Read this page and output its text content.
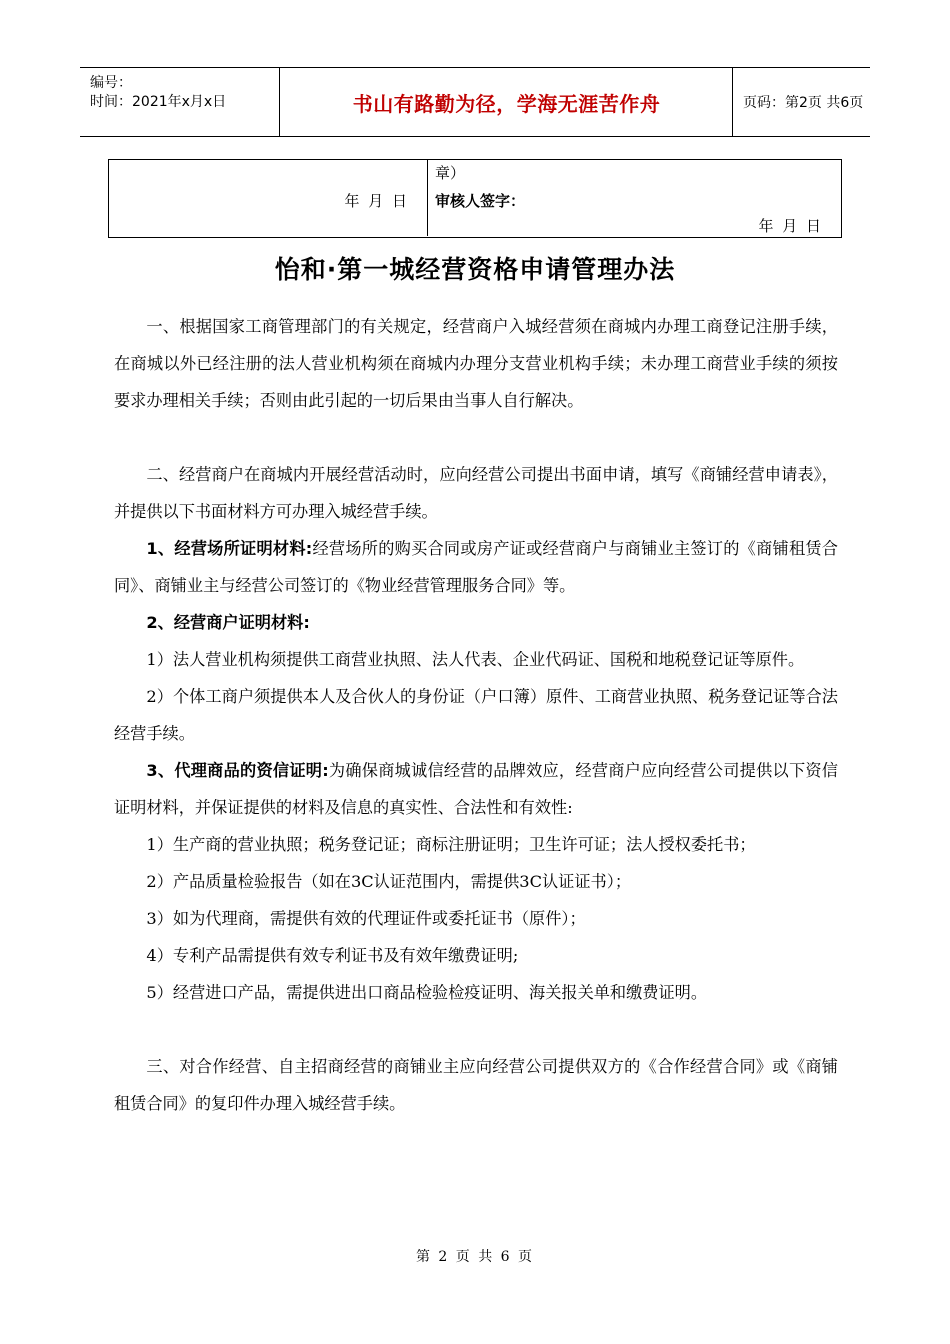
编号：
时间：2021年x月x日	书山有路勤为径，学海无涯苦作舟	页码：第2页 共6页
年 月 日
章）
审核人签字：
年 月 日
怡和·第一城经营资格申请管理办法

一、根据国家工商管理部门的有关规定，经营商户入城经营须在商城内办理工商登记注册手续，在商城以外已经注册的法人营业机构须在商城内办理分支营业机构手续；未办理工商营业手续的须按要求办理相关手续；否则由此引起的一切后果由当事人自行解决。

二、经营商户在商城内开展经营活动时，应向经营公司提出书面申请，填写《商铺经营申请表》，并提供以下书面材料方可办理入城经营手续。

1、经营场所证明材料:经营场所的购买合同或房产证或经营商户与商铺业主签订的《商铺租赁合同》、商铺业主与经营公司签订的《物业经营管理服务合同》等。

2、经营商户证明材料:

1）法人营业机构须提供工商营业执照、法人代表、企业代码证、国税和地税登记证等原件。

2）个体工商户须提供本人及合伙人的身份证（户口簿）原件、工商营业执照、税务登记证等合法经营手续。

3、代理商品的资信证明:为确保商城诚信经营的品牌效应，经营商户应向经营公司提供以下资信证明材料，并保证提供的材料及信息的真实性、合法性和有效性:

1）生产商的营业执照；税务登记证；商标注册证明；卫生许可证；法人授权委托书；

2）产品质量检验报告（如在3C认证范围内，需提供3C认证证书）；

3）如为代理商，需提供有效的代理证件或委托证书（原件）；

4）专利产品需提供有效专利证书及有效年缴费证明;

5）经营进口产品，需提供进出口商品检验检疫证明、海关报关单和缴费证明。

三、对合作经营、自主招商经营的商铺业主应向经营公司提供双方的《合作经营合同》或《商铺租赁合同》的复印件办理入城经营手续。

第 2 页 共 6 页
